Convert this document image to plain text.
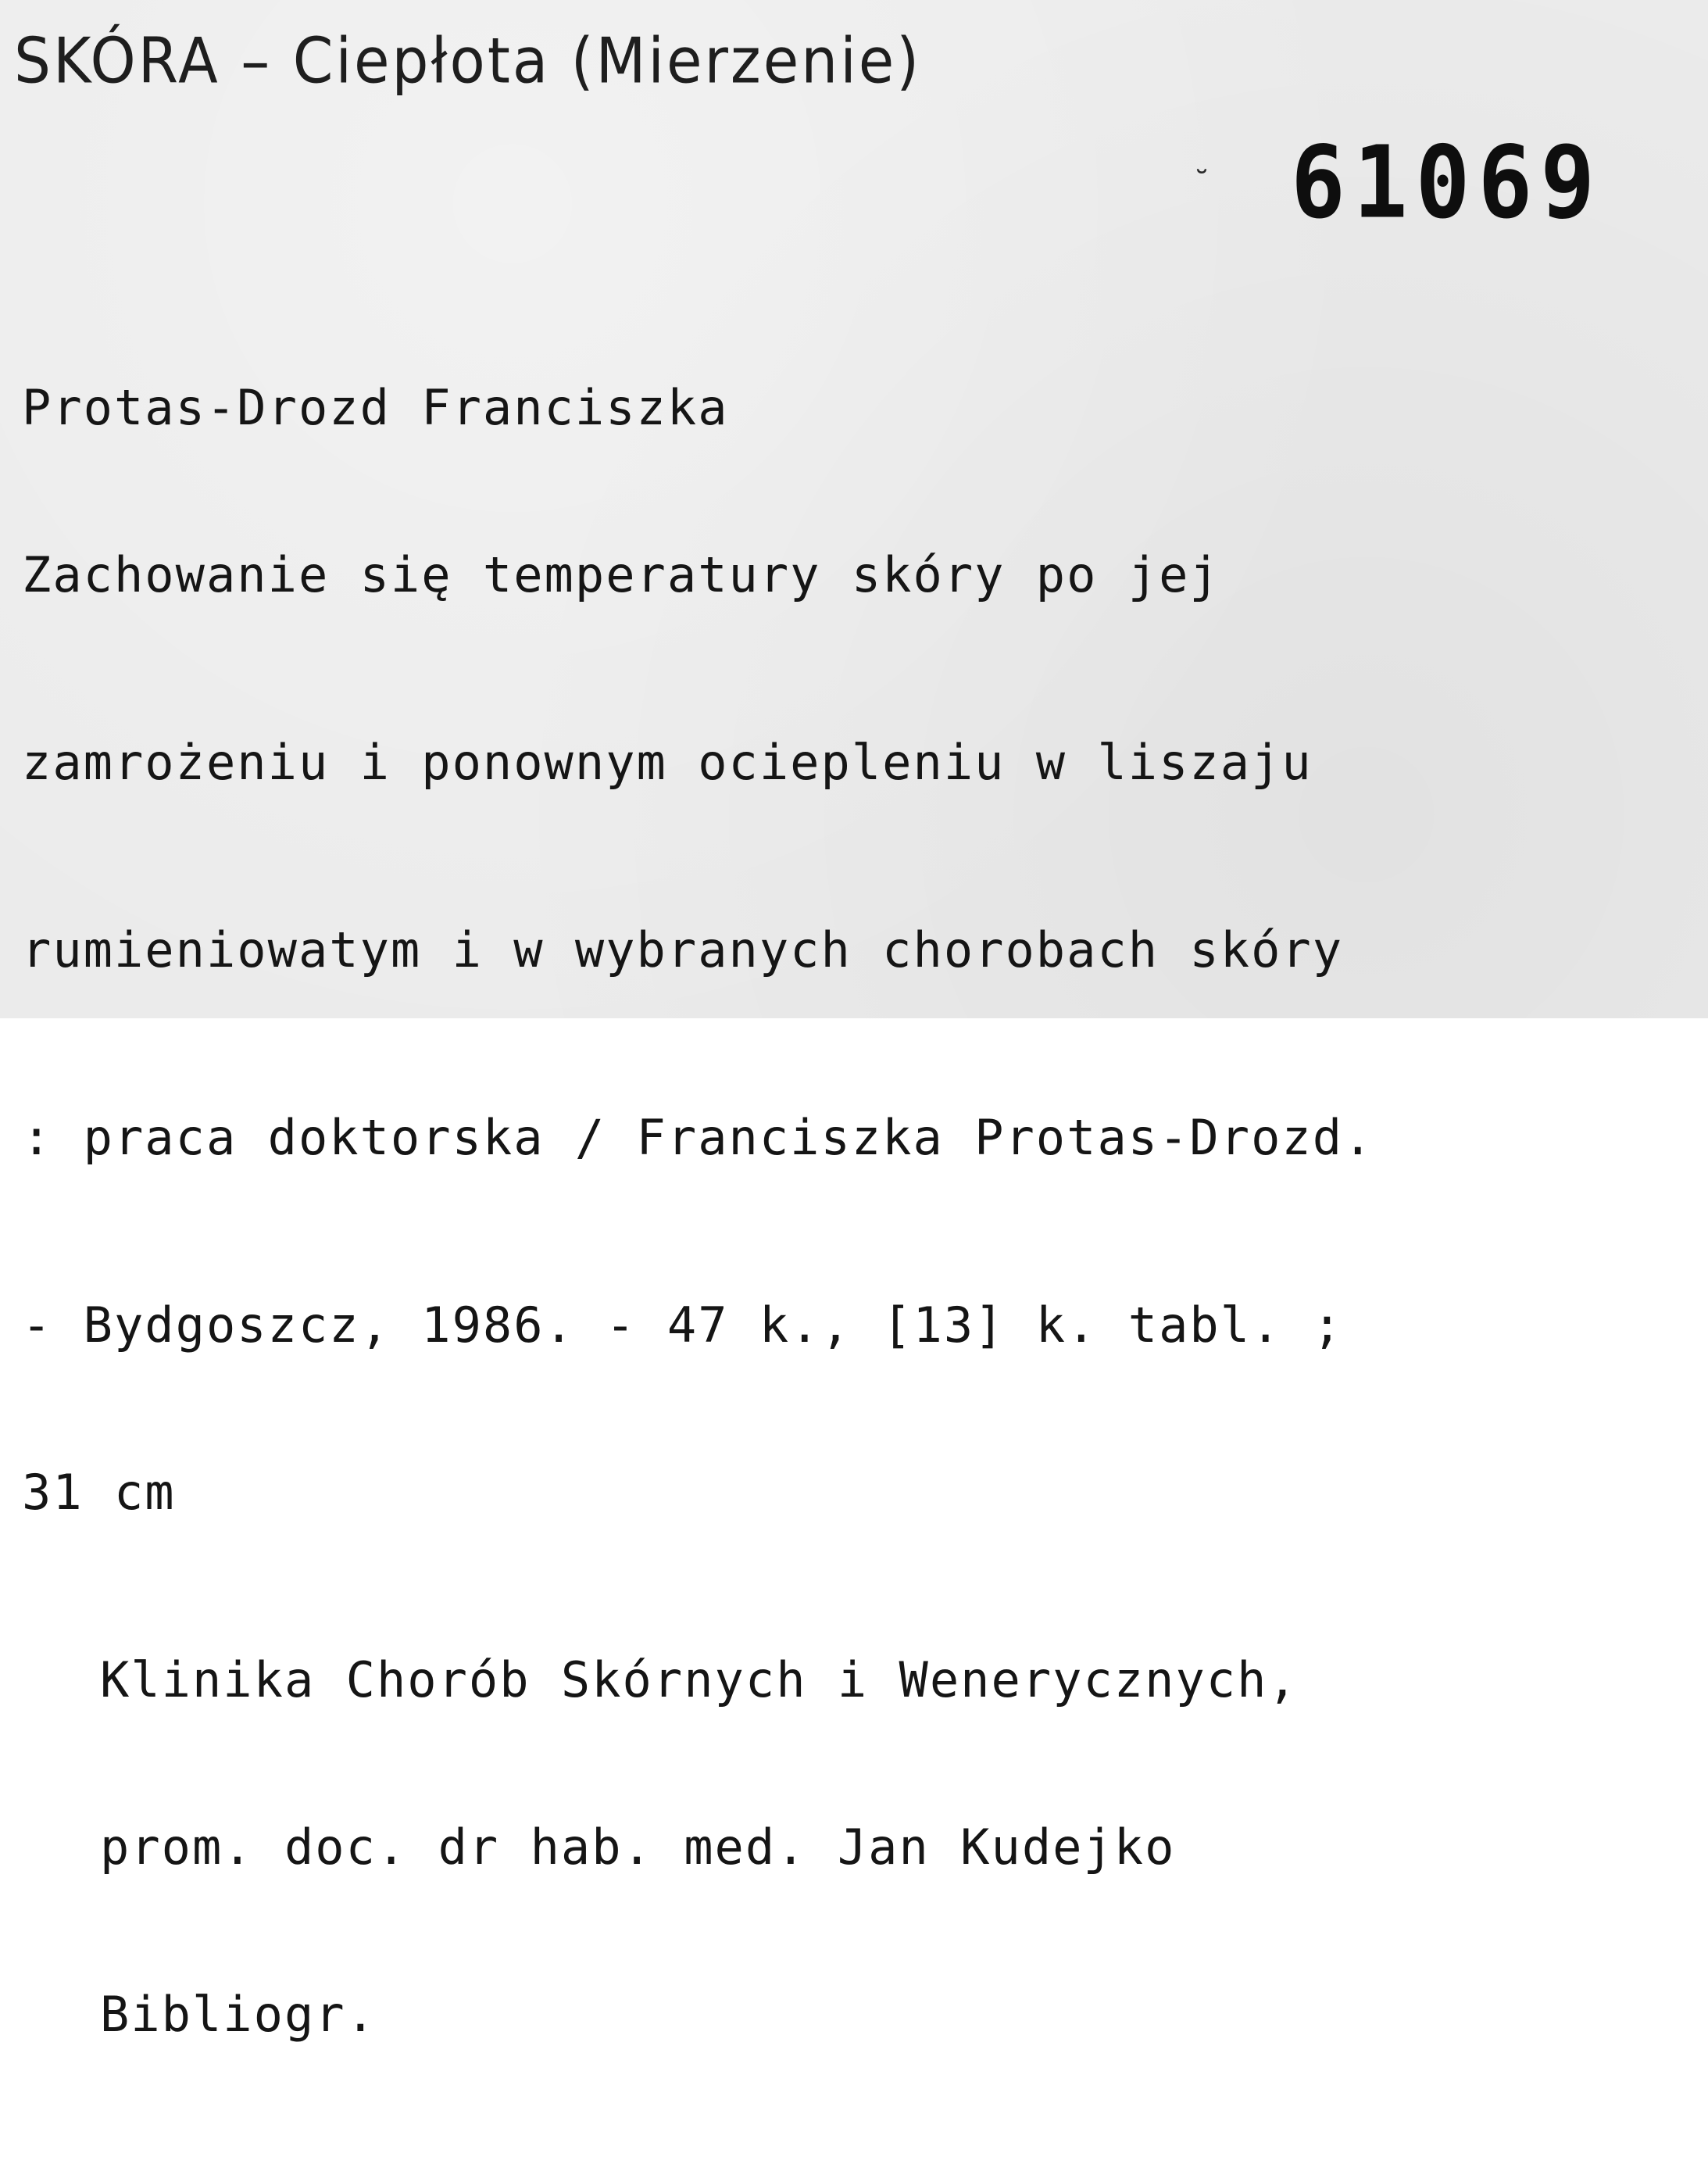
SKÓRA – Ciepłota (Mierzenie)
˘ 61069

Protas-Drozd Franciszka

Zachowanie się temperatury skóry po jej

zamrożeniu i ponownym ociepleniu w liszaju

rumieniowatym i w wybranych chorobach skóry

: praca doktorska / Franciszka Protas-Drozd.

- Bydgoszcz, 1986. - 47 k., [13] k. tabl. ;

31 cm

Klinika Chorób Skórnych i Wenerycznych,

prom. doc. dr hab. med. Jan Kudejko

Bibliogr.
